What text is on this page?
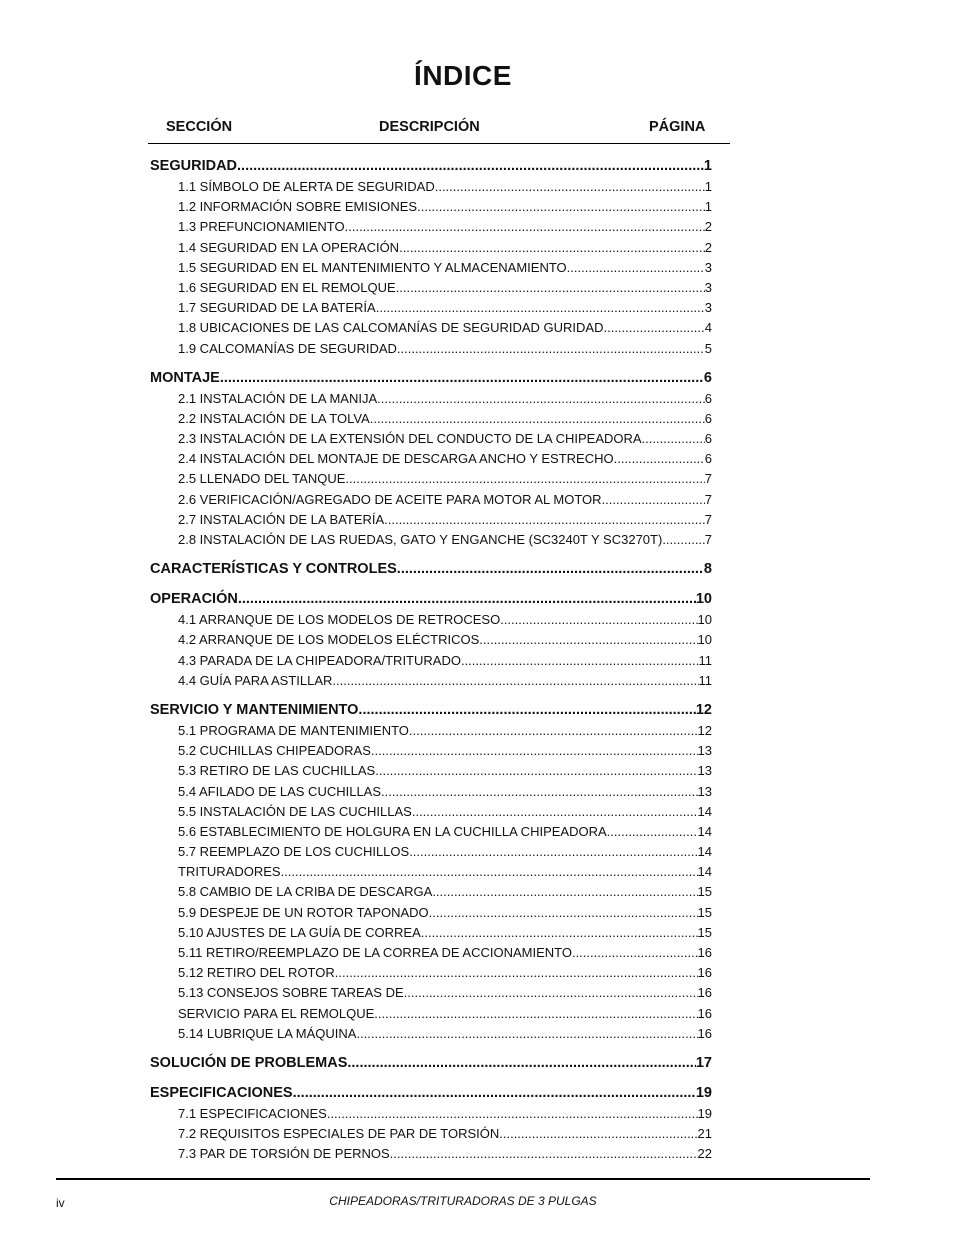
ÍNDICE
SECCIÓN	DESCRIPCIÓN	PÁGINA
SEGURIDAD .....	1
1.1 SÍMBOLO DE ALERTA DE SEGURIDAD .....	1
1.2 INFORMACIÓN SOBRE EMISIONES .....	1
1.3 PREFUNCIONAMIENTO .....	2
1.4 SEGURIDAD EN LA OPERACIÓN .....	2
1.5 SEGURIDAD EN EL MANTENIMIENTO Y ALMACENAMIENTO .....	3
1.6 SEGURIDAD EN EL REMOLQUE .....	3
1.7 SEGURIDAD DE LA BATERÍA .....	3
1.8 UBICACIONES DE LAS CALCOMANÍAS DE SEGURIDAD GURIDAD .....	4
1.9 CALCOMANÍAS DE SEGURIDAD .....	5
MONTAJE .....	6
2.1 INSTALACIÓN DE LA MANIJA .....	6
2.2 INSTALACIÓN DE LA TOLVA .....	6
2.3 INSTALACIÓN DE LA EXTENSIÓN DEL CONDUCTO DE LA CHIPEADORA .....	6
2.4 INSTALACIÓN DEL MONTAJE DE DESCARGA ANCHO Y ESTRECHO .....	6
2.5 LLENADO DEL TANQUE .....	7
2.6 VERIFICACIÓN/AGREGADO DE ACEITE PARA MOTOR AL MOTOR .....	7
2.7 INSTALACIÓN DE LA BATERÍA .....	7
2.8 INSTALACIÓN DE LAS RUEDAS, GATO Y ENGANCHE (SC3240T Y SC3270T) .....	7
CARACTERÍSTICAS Y CONTROLES .....	8
OPERACIÓN .....	10
4.1 ARRANQUE DE LOS MODELOS DE RETROCESO .....	10
4.2 ARRANQUE DE LOS MODELOS ELÉCTRICOS .....	10
4.3 PARADA DE LA CHIPEADORA/TRITURADO .....	11
4.4 GUÍA PARA ASTILLAR .....	11
SERVICIO Y MANTENIMIENTO .....	12
5.1 PROGRAMA DE MANTENIMIENTO .....	12
5.2 CUCHILLAS CHIPEADORAS .....	13
5.3 RETIRO DE LAS CUCHILLAS .....	13
5.4 AFILADO DE LAS CUCHILLAS .....	13
5.5 INSTALACIÓN DE LAS CUCHILLAS .....	14
5.6 ESTABLECIMIENTO DE HOLGURA EN LA CUCHILLA CHIPEADORA .....	14
5.7 REEMPLAZO DE LOS CUCHILLOS .....	14
TRITURADORES .....	14
5.8 CAMBIO DE LA CRIBA DE DESCARGA .....	15
5.9 DESPEJE DE UN ROTOR TAPONADO .....	15
5.10 AJUSTES DE LA GUÍA DE CORREA .....	15
5.11 RETIRO/REEMPLAZO DE LA CORREA DE ACCIONAMIENTO .....	16
5.12 RETIRO DEL ROTOR .....	16
5.13 CONSEJOS SOBRE TAREAS DE .....	16
SERVICIO PARA EL REMOLQUE .....	16
5.14 LUBRIQUE LA MÁQUINA .....	16
SOLUCIÓN DE PROBLEMAS .....	17
ESPECIFICACIONES .....	19
7.1 ESPECIFICACIONES .....	19
7.2 REQUISITOS ESPECIALES DE PAR DE TORSIÓN .....	21
7.3 PAR DE TORSIÓN DE PERNOS .....	22
iv	CHIPEADORAS/TRITURADORAS DE 3 PULGAS
